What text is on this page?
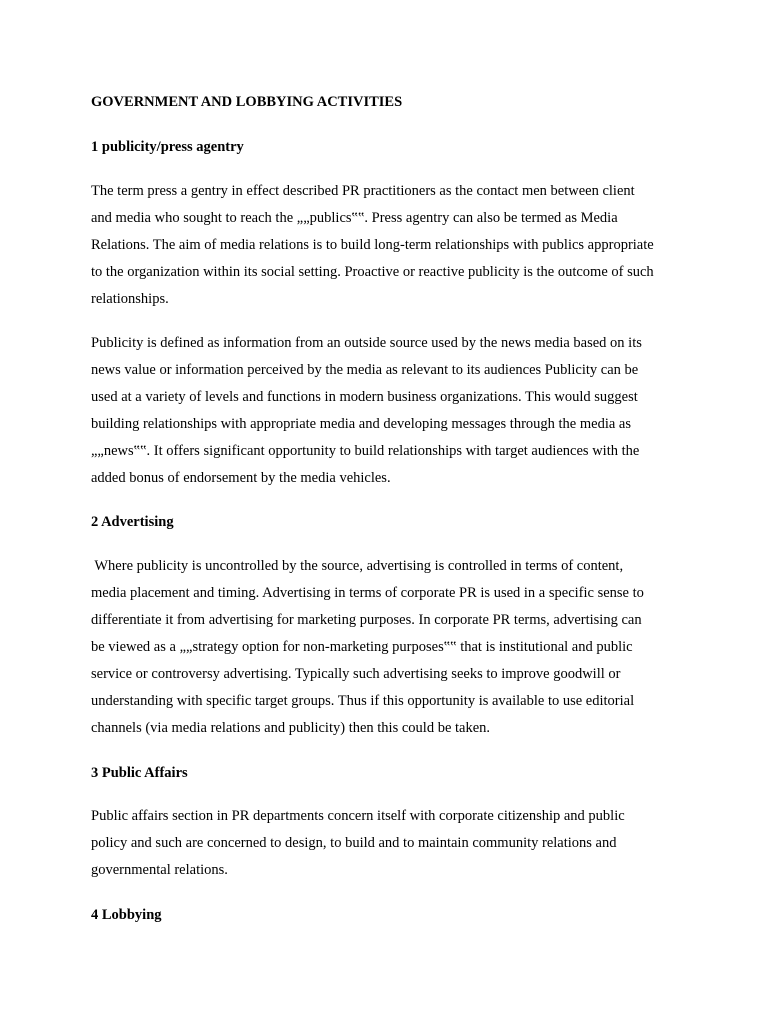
GOVERNMENT AND LOBBYING ACTIVITIES
1 publicity/press agentry
The term press a gentry in effect described PR practitioners as the contact men between client
and media who sought to reach the „„publics‟‟. Press agentry can also be termed as Media
Relations. The aim of media relations is to build long-term relationships with publics appropriate
to the organization within its social setting. Proactive or reactive publicity is the outcome of such
relationships.
Publicity is defined as information from an outside source used by the news media based on its
news value or information perceived by the media as relevant to its audiences Publicity can be
used at a variety of levels and functions in modern business organizations. This would suggest
building relationships with appropriate media and developing messages through the media as
„„news‟‟. It offers significant opportunity to build relationships with target audiences with the
added bonus of endorsement by the media vehicles.
2 Advertising
Where publicity is uncontrolled by the source, advertising is controlled in terms of content,
media placement and timing. Advertising in terms of corporate PR is used in a specific sense to
differentiate it from advertising for marketing purposes. In corporate PR terms, advertising can
be viewed as a „„strategy option for non-marketing purposes‟‟ that is institutional and public
service or controversy advertising. Typically such advertising seeks to improve goodwill or
understanding with specific target groups. Thus if this opportunity is available to use editorial
channels (via media relations and publicity) then this could be taken.
3 Public Affairs
Public affairs section in PR departments concern itself with corporate citizenship and public
policy and such are concerned to design, to build and to maintain community relations and
governmental relations.
4 Lobbying
